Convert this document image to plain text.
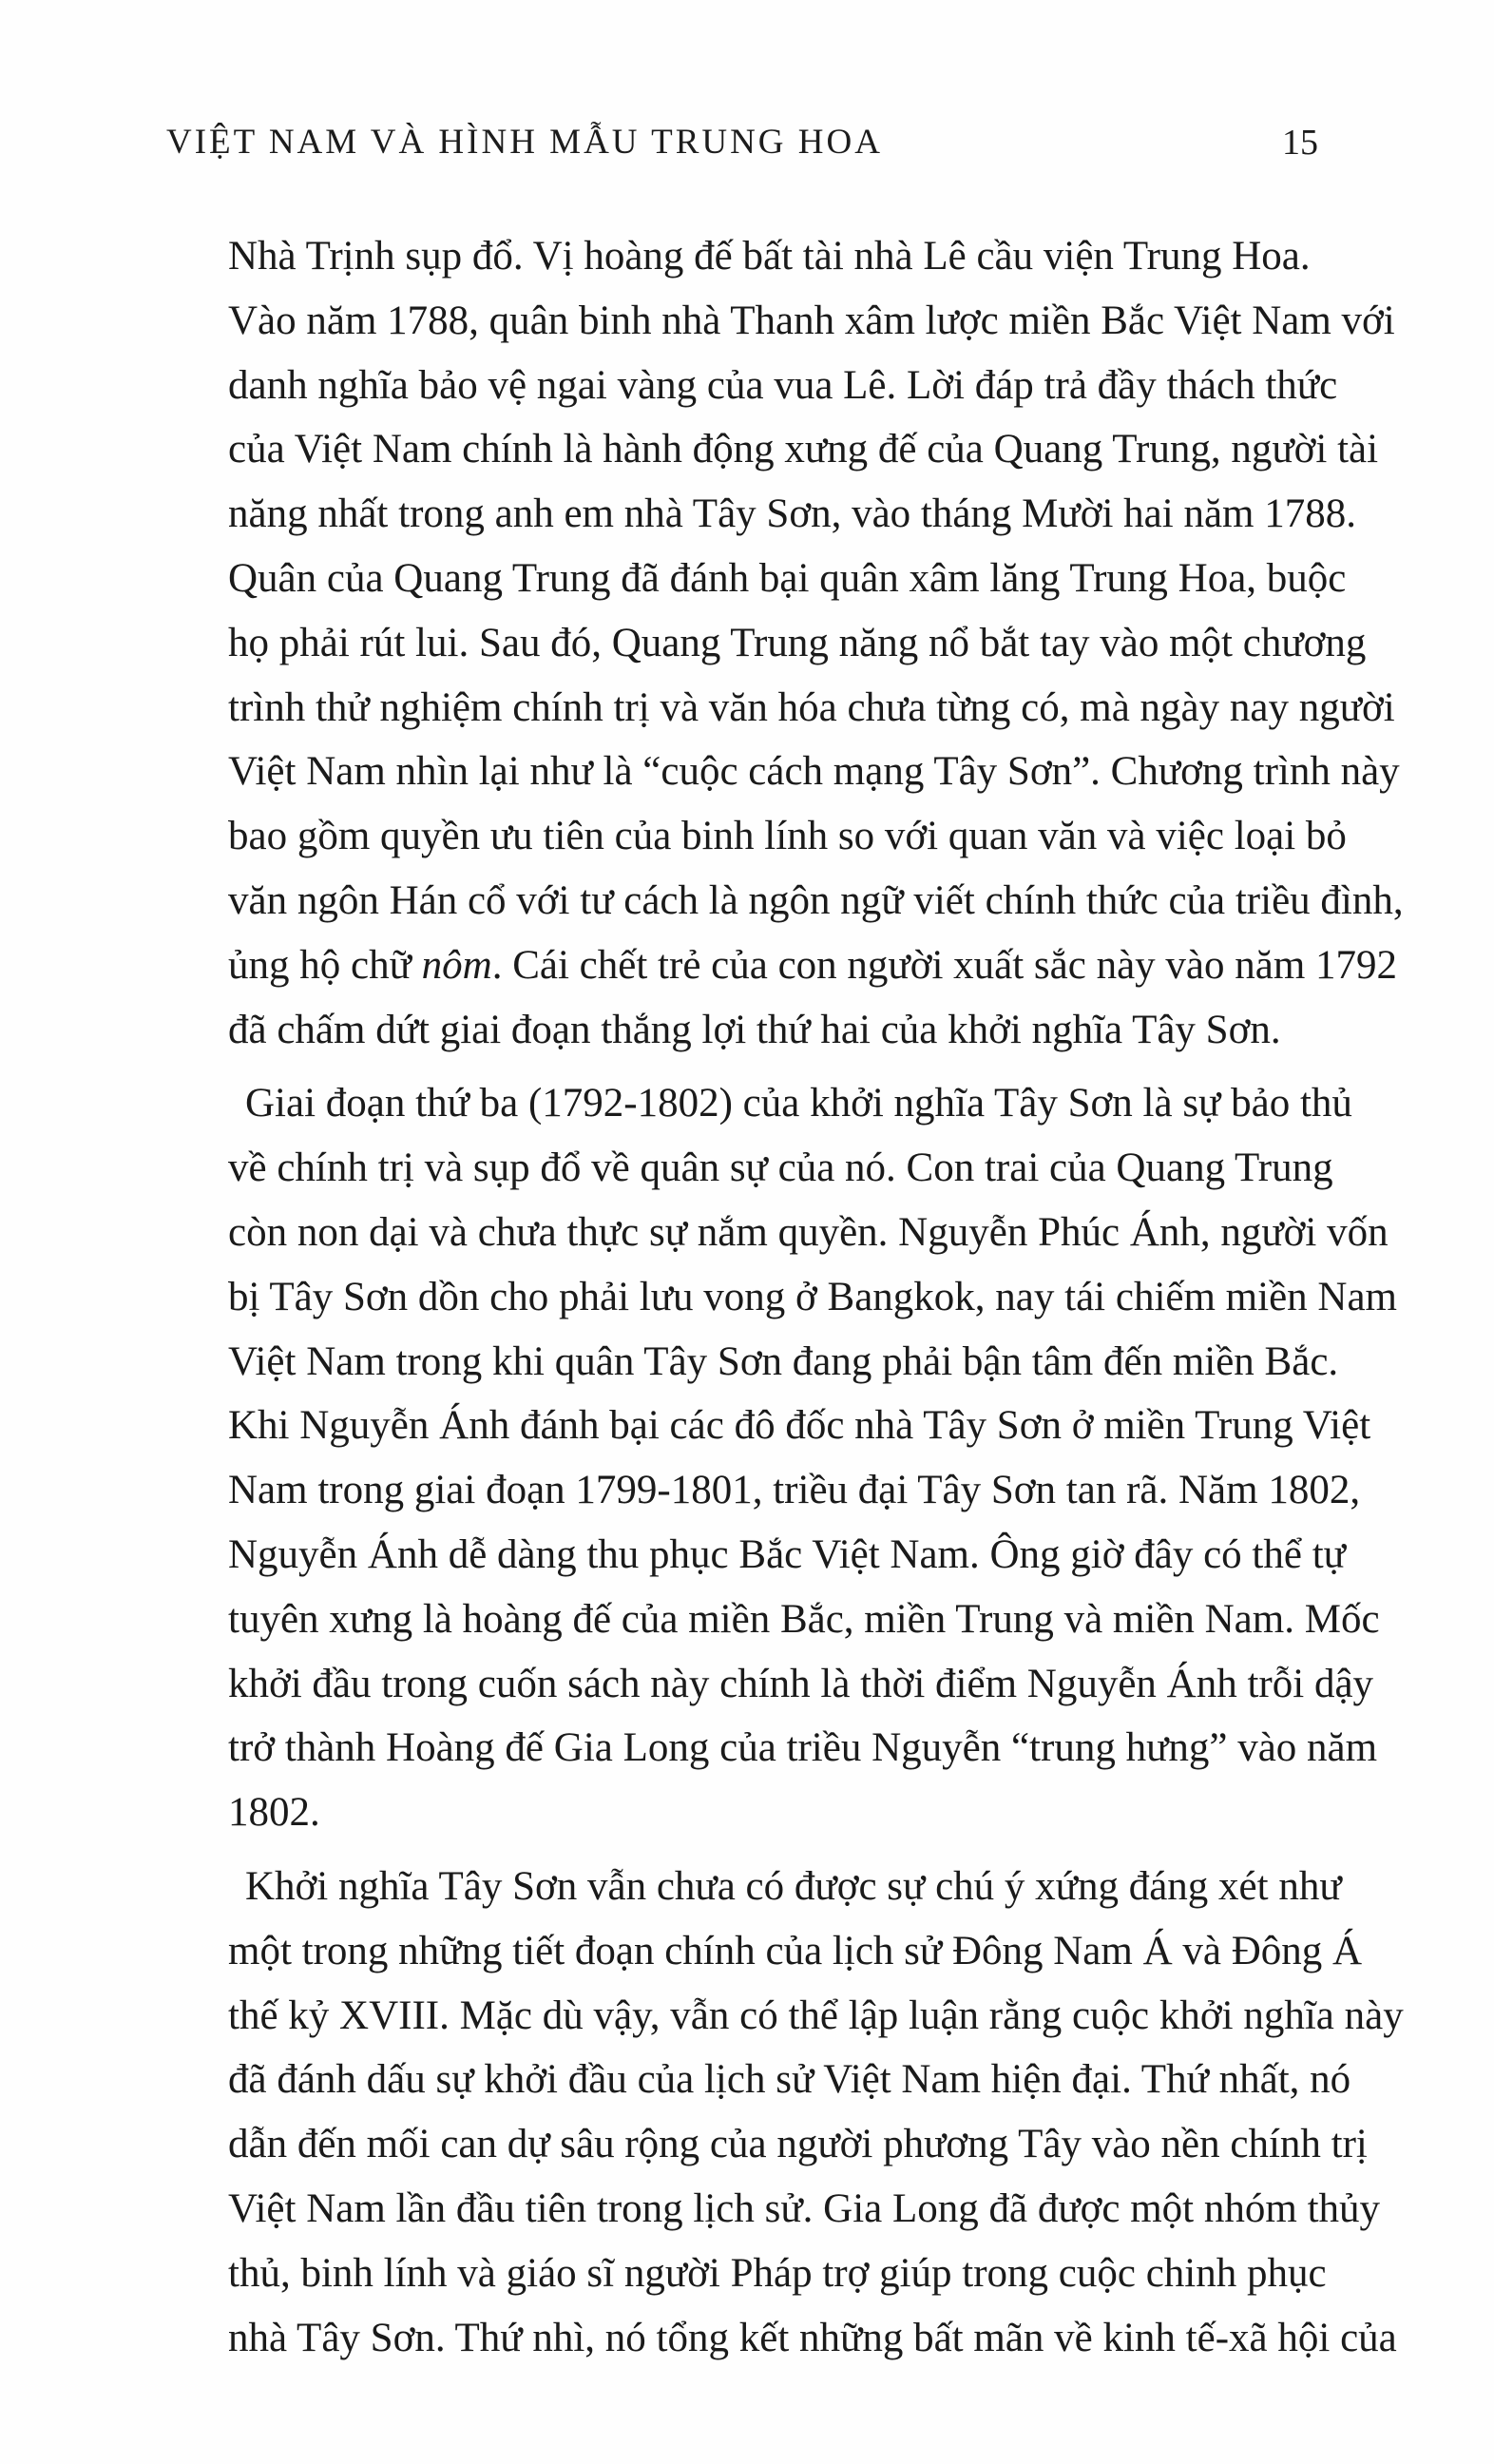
VIỆT NAM VÀ HÌNH MẪU TRUNG HOA	15
Nhà Trịnh sụp đổ. Vị hoàng đế bất tài nhà Lê cầu viện Trung Hoa.
Vào năm 1788, quân binh nhà Thanh xâm lược miền Bắc Việt Nam với
danh nghĩa bảo vệ ngai vàng của vua Lê. Lời đáp trả đầy thách thức
của Việt Nam chính là hành động xưng đế của Quang Trung, người tài
năng nhất trong anh em nhà Tây Sơn, vào tháng Mười hai năm 1788.
Quân của Quang Trung đã đánh bại quân xâm lăng Trung Hoa, buộc
họ phải rút lui. Sau đó, Quang Trung năng nổ bắt tay vào một chương
trình thử nghiệm chính trị và văn hóa chưa từng có, mà ngày nay người
Việt Nam nhìn lại như là “cuộc cách mạng Tây Sơn”. Chương trình này
bao gồm quyền ưu tiên của binh lính so với quan văn và việc loại bỏ
văn ngôn Hán cổ với tư cách là ngôn ngữ viết chính thức của triều đình,
ủng hộ chữ nôm. Cái chết trẻ của con người xuất sắc này vào năm 1792
đã chấm dứt giai đoạn thắng lợi thứ hai của khởi nghĩa Tây Sơn.
Giai đoạn thứ ba (1792-1802) của khởi nghĩa Tây Sơn là sự bảo thủ
về chính trị và sụp đổ về quân sự của nó. Con trai của Quang Trung
còn non dại và chưa thực sự nắm quyền. Nguyễn Phúc Ánh, người vốn
bị Tây Sơn dồn cho phải lưu vong ở Bangkok, nay tái chiếm miền Nam
Việt Nam trong khi quân Tây Sơn đang phải bận tâm đến miền Bắc.
Khi Nguyễn Ánh đánh bại các đô đốc nhà Tây Sơn ở miền Trung Việt
Nam trong giai đoạn 1799-1801, triều đại Tây Sơn tan rã. Năm 1802,
Nguyễn Ánh dễ dàng thu phục Bắc Việt Nam. Ông giờ đây có thể tự
tuyên xưng là hoàng đế của miền Bắc, miền Trung và miền Nam. Mốc
khởi đầu trong cuốn sách này chính là thời điểm Nguyễn Ánh trỗi dậy
trở thành Hoàng đế Gia Long của triều Nguyễn “trung hưng” vào năm
1802.
Khởi nghĩa Tây Sơn vẫn chưa có được sự chú ý xứng đáng xét như
một trong những tiết đoạn chính của lịch sử Đông Nam Á và Đông Á
thế kỷ XVIII. Mặc dù vậy, vẫn có thể lập luận rằng cuộc khởi nghĩa này
đã đánh dấu sự khởi đầu của lịch sử Việt Nam hiện đại. Thứ nhất, nó
dẫn đến mối can dự sâu rộng của người phương Tây vào nền chính trị
Việt Nam lần đầu tiên trong lịch sử. Gia Long đã được một nhóm thủy
thủ, binh lính và giáo sĩ người Pháp trợ giúp trong cuộc chinh phục
nhà Tây Sơn. Thứ nhì, nó tổng kết những bất mãn về kinh tế-xã hội của
